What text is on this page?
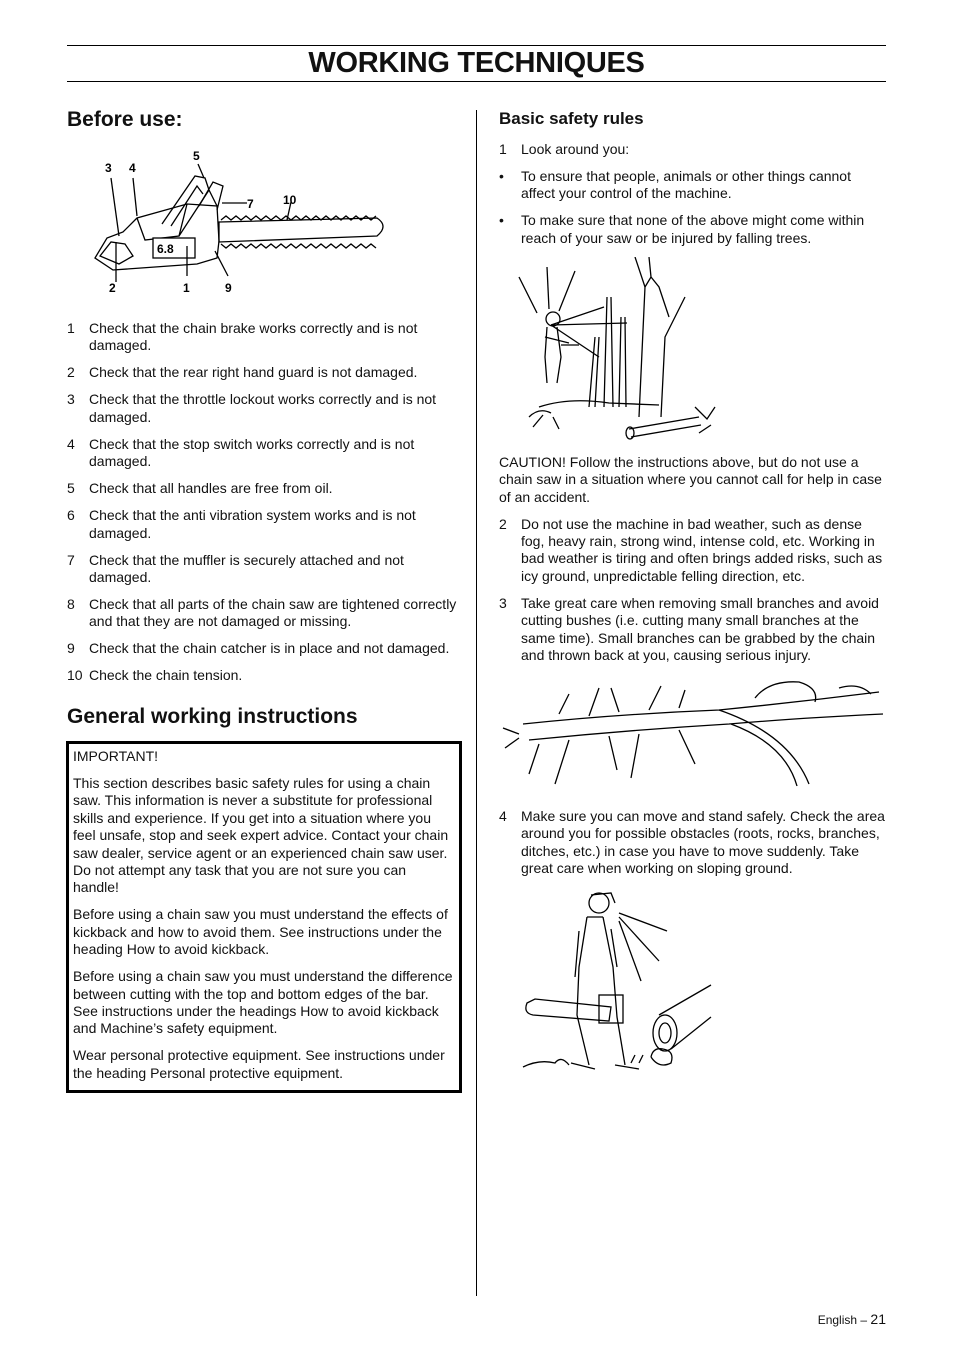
WORKING TECHNIQUES
Before use:
3 4
5
7 10
2	1	9
6.8
1 Check that the chain brake works correctly and is not damaged.
2 Check that the rear right hand guard is not damaged.
3 Check that the throttle lockout works correctly and is not damaged.
4 Check that the stop switch works correctly and is not damaged.
5 Check that all handles are free from oil.
6 Check that the anti vibration system works and is not damaged.
7 Check that the muffler is securely attached and not damaged.
8 Check that all parts of the chain saw are tightened correctly and that they are not damaged or missing.
9 Check that the chain catcher is in place and not damaged.
10 Check the chain tension.
General working instructions

IMPORTANT!

This section describes basic safety rules for using a chain saw. This information is never a substitute for professional skills and experience. If you get into a situation where you feel unsafe, stop and seek expert advice. Contact your chain saw dealer, service agent or an experienced chain saw user. Do not attempt any task that you are not sure you can handle!

Before using a chain saw you must understand the effects of kickback and how to avoid them. See instructions under the heading How to avoid kickback.

Before using a chain saw you must understand the difference between cutting with the top and bottom edges of the bar. See instructions under the headings How to avoid kickback and Machine’s safety equipment.

Wear personal protective equipment. See instructions under the heading Personal protective equipment.

Basic safety rules
1 Look around you:
• To ensure that people, animals or other things cannot affect your control of the machine.
• To make sure that none of the above might come within reach of your saw or be injured by falling trees.

CAUTION! Follow the instructions above, but do not use a chain saw in a situation where you cannot call for help in case of an accident.

2 Do not use the machine in bad weather, such as dense fog, heavy rain, strong wind, intense cold, etc. Working in bad weather is tiring and often brings added risks, such as icy ground, unpredictable felling direction, etc.
3 Take great care when removing small branches and avoid cutting bushes (i.e. cutting many small branches at the same time). Small branches can be grabbed by the chain and thrown back at you, causing serious injury.
4 Make sure you can move and stand safely. Check the area around you for possible obstacles (roots, rocks, branches, ditches, etc.) in case you have to move suddenly. Take great care when working on sloping ground.
English – 21
